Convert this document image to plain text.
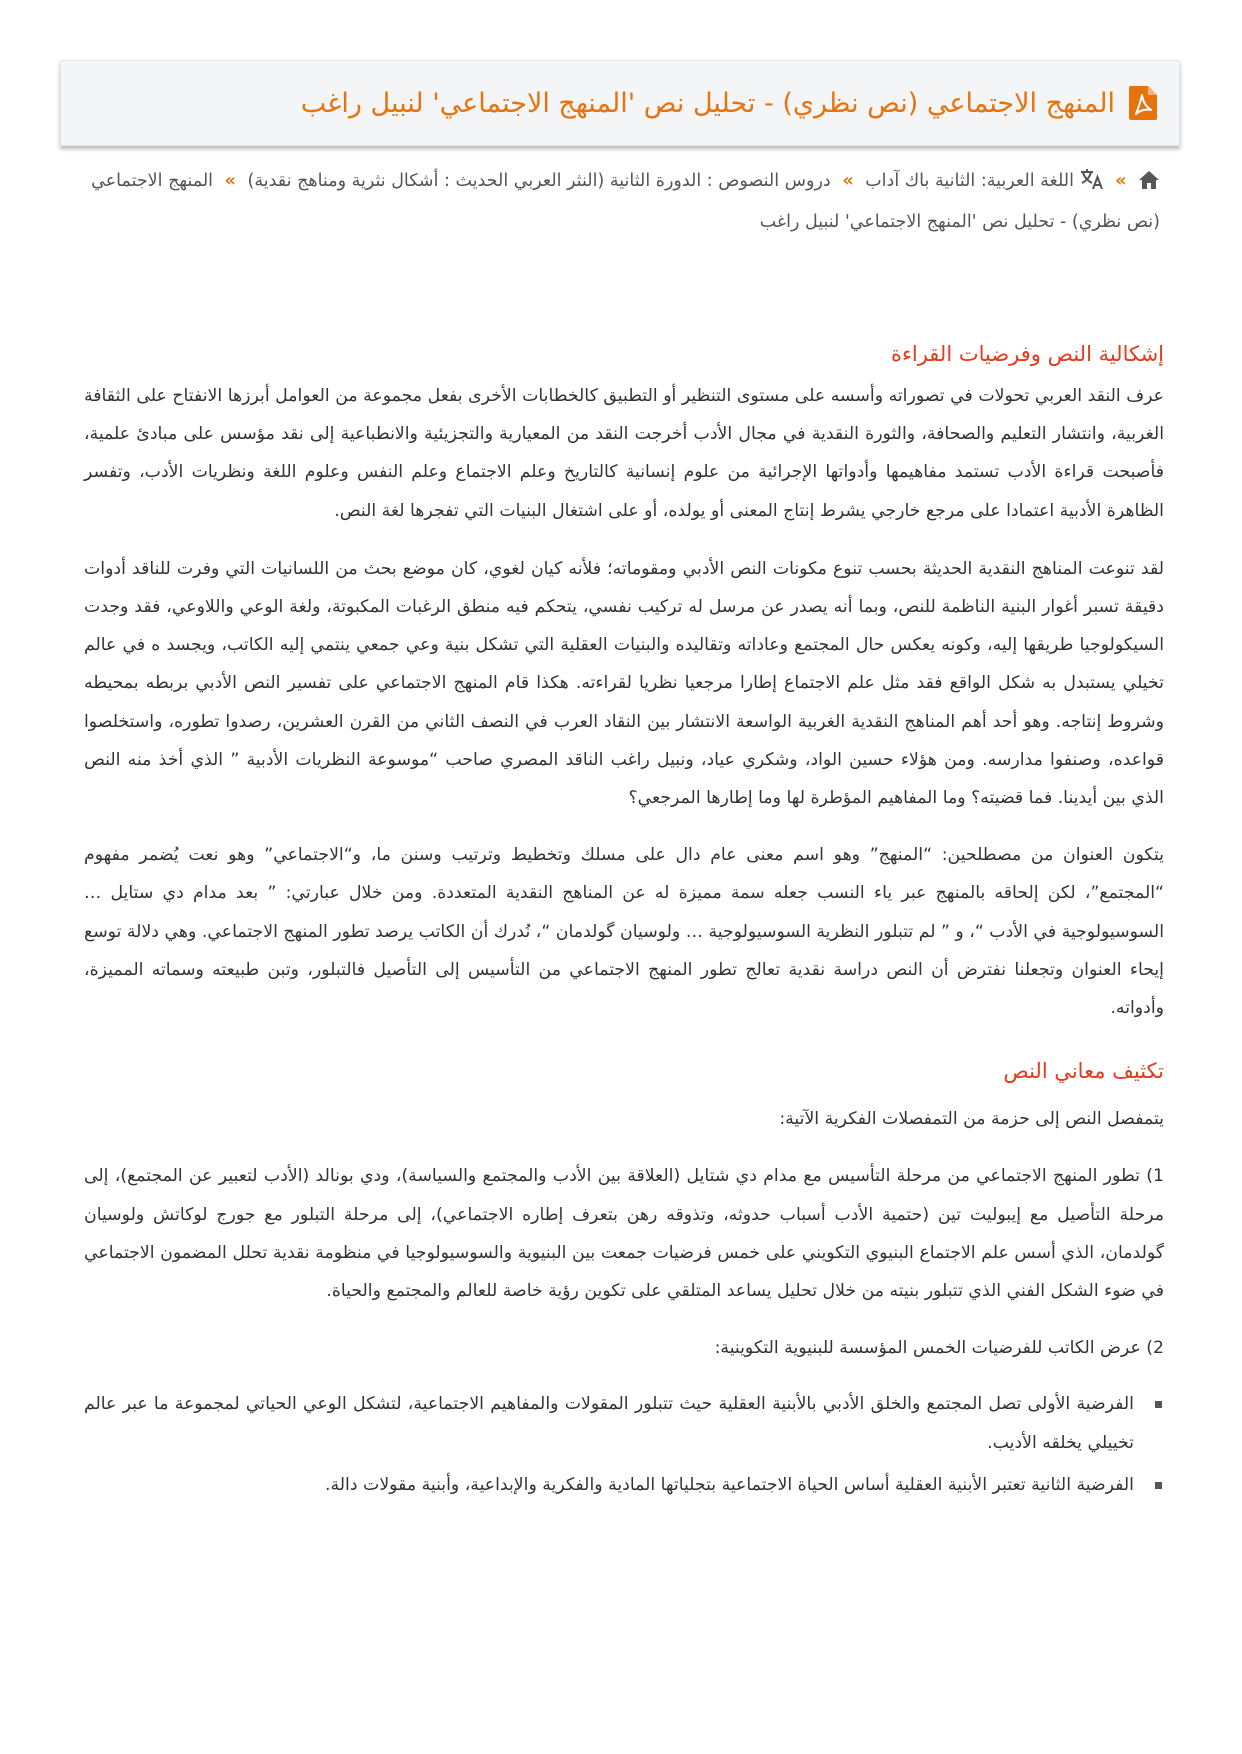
المنهج الاجتماعي (نص نظري) - تحليل نص 'المنهج الاجتماعي' لنبيل راغب
»  اللغة العربية: الثانية باك آداب » دروس النصوص : الدورة الثانية (النثر العربي الحديث : أشكال نثرية ومناهج نقدية) » المنهج الاجتماعي (نص نظري) - تحليل نص 'المنهج الاجتماعي' لنبيل راغب
إشكالية النص وفرضيات القراءة

عرف النقد العربي تحولات في تصوراته وأسسه على مستوى التنظير أو التطبيق كالخطابات الأخرى بفعل مجموعة من العوامل أبرزها الانفتاح على الثقافة الغربية، وانتشار التعليم والصحافة، والثورة النقدية في مجال الأدب أخرجت النقد من المعيارية والتجزيئية والانطباعية إلى نقد مؤسس على مبادئ علمية، فأصبحت قراءة الأدب تستمد مفاهيمها وأدواتها الإجرائية من علوم إنسانية كالتاريخ وعلم الاجتماع وعلم النفس وعلوم اللغة ونظريات الأدب، وتفسر الظاهرة الأدبية اعتمادا على مرجع خارجي يشرط إنتاج المعنى أو يولده، أو على اشتغال البنيات التي تفجرها لغة النص.

لقد تنوعت المناهج النقدية الحديثة بحسب تنوع مكونات النص الأدبي ومقوماته؛ فلأنه كيان لغوي، كان موضع بحث من اللسانيات التي وفرت للناقد أدوات دقيقة تسبر أغوار البنية الناظمة للنص، وبما أنه يصدر عن مرسل له تركيب نفسي، يتحكم فيه منطق الرغبات المكبوتة، ولغة الوعي واللاوعي، فقد وجدت السيكولوجيا طريقها إليه، وكونه يعكس حال المجتمع وعاداته وتقاليده والبنيات العقلية التي تشكل بنية وعي جمعي ينتمي إليه الكاتب، ويجسد ه في عالم تخيلي يستبدل به شكل الواقع فقد مثل علم الاجتماع إطارا مرجعيا نظريا لقراءته. هكذا قام المنهج الاجتماعي على تفسير النص الأدبي بربطه بمحيطه وشروط إنتاجه. وهو أحد أهم المناهج النقدية الغربية الواسعة الانتشار بين النقاد العرب في النصف الثاني من القرن العشرين، رصدوا تطوره، واستخلصوا قواعده، وصنفوا مدارسه. ومن هؤلاء حسين الواد، وشكري عياد، ونبيل راغب الناقد المصري صاحب “موسوعة النظريات الأدبية ” الذي أخذ منه النص الذي بين أيدينا. فما قضيته؟ وما المفاهيم المؤطرة لها وما إطارها المرجعي؟

يتكون العنوان من مصطلحين: “المنهج” وهو اسم معنى عام دال على مسلك وتخطيط وترتيب وسنن ما، و“الاجتماعي” وهو نعت يُضمر مفهوم “المجتمع”، لكن إلحاقه بالمنهج عبر ياء النسب جعله سمة مميزة له عن المناهج النقدية المتعددة. ومن خلال عبارتي: ” بعد مدام دي ستايل … السوسيولوجية في الأدب “، و ” لم تتبلور النظرية السوسيولوجية … ولوسيان گولدمان “، نُدرك أن الكاتب يرصد تطور المنهج الاجتماعي. وهي دلالة توسع إيحاء العنوان وتجعلنا نفترض أن النص دراسة نقدية تعالج تطور المنهج الاجتماعي من التأسيس إلى التأصيل فالتبلور، وتبن طبيعته وسماته المميزة، وأدواته.

تكثيف معاني النص

يتمفصل النص إلى حزمة من التمفصلات الفكرية الآتية:

1) تطور المنهج الاجتماعي من مرحلة التأسيس مع مدام دي شتايل (العلاقة بين الأدب والمجتمع والسياسة)، ودي بونالد (الأدب لتعبير عن المجتمع)، إلى مرحلة التأصيل مع إيبوليت تين (حتمية الأدب أسباب حدوثه، وتذوقه رهن بتعرف إطاره الاجتماعي)، إلى مرحلة التبلور مع جورج لوكاتش ولوسيان گولدمان، الذي أسس علم الاجتماع البنيوي التكويني على خمس فرضيات جمعت بين البنيوية والسوسيولوجيا في منظومة نقدية تحلل المضمون الاجتماعي في ضوء الشكل الفني الذي تتبلور بنيته من خلال تحليل يساعد المتلقي على تكوين رؤية خاصة للعالم والمجتمع والحياة.

2) عرض الكاتب للفرضيات الخمس المؤسسة للبنيوية التكوينية:

الفرضية الأولى تصل المجتمع والخلق الأدبي بالأبنية العقلية حيث تتبلور المقولات والمفاهيم الاجتماعية، لتشكل الوعي الحياتي لمجموعة ما عبر عالم تخييلي يخلقه الأديب.
الفرضية الثانية تعتبر الأبنية العقلية أساس الحياة الاجتماعية بتجلياتها المادية والفكرية والإبداعية، وأبنية مقولات دالة.
